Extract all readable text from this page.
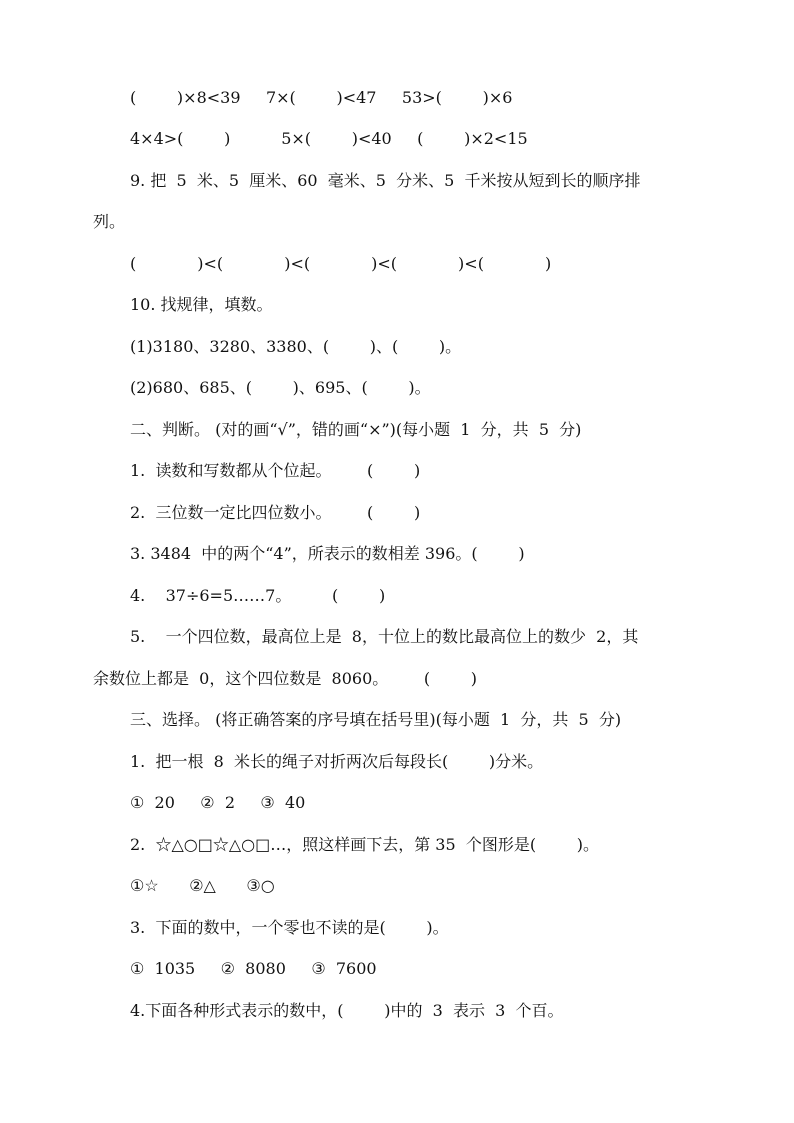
(        )×8<39     7×(        )<47     53>(        )×6
4×4>(        )          5×(        )<40     (        )×2<15
9. 把  5  米、5  厘米、60  毫米、5  分米、5  千米按从短到长的顺序排
列。
(            )<(            )<(            )<(            )<(            )
10. 找规律，填数。
(1)3180、3280、3380、(        )、(        )。
(2)680、685、(        )、695、(        )。
二、判断。 (对的画“√”，错的画“×”)(每小题  1  分，共  5  分)
1.  读数和写数都从个位起。       (        )
2.  三位数一定比四位数小。       (        )
3. 3484  中的两个“4”，所表示的数相差 396。(        )
4.    37÷6=5……7。        (        )
5.    一个四位数，最高位上是  8，十位上的数比最高位上的数少  2，其
余数位上都是  0，这个四位数是  8060。       (        )
三、选择。 (将正确答案的序号填在括号里)(每小题  1  分，共  5  分)
1.  把一根  8  米长的绳子对折两次后每段长(        )分米。
①  20     ②  2     ③  40
2.  ☆△○□☆△○□…，照这样画下去，第 35  个图形是(        )。
①☆      ②△      ③○
3.  下面的数中，一个零也不读的是(        )。
①  1035     ②  8080     ③  7600
4.下面各种形式表示的数中，(        )中的  3  表示  3  个百。
